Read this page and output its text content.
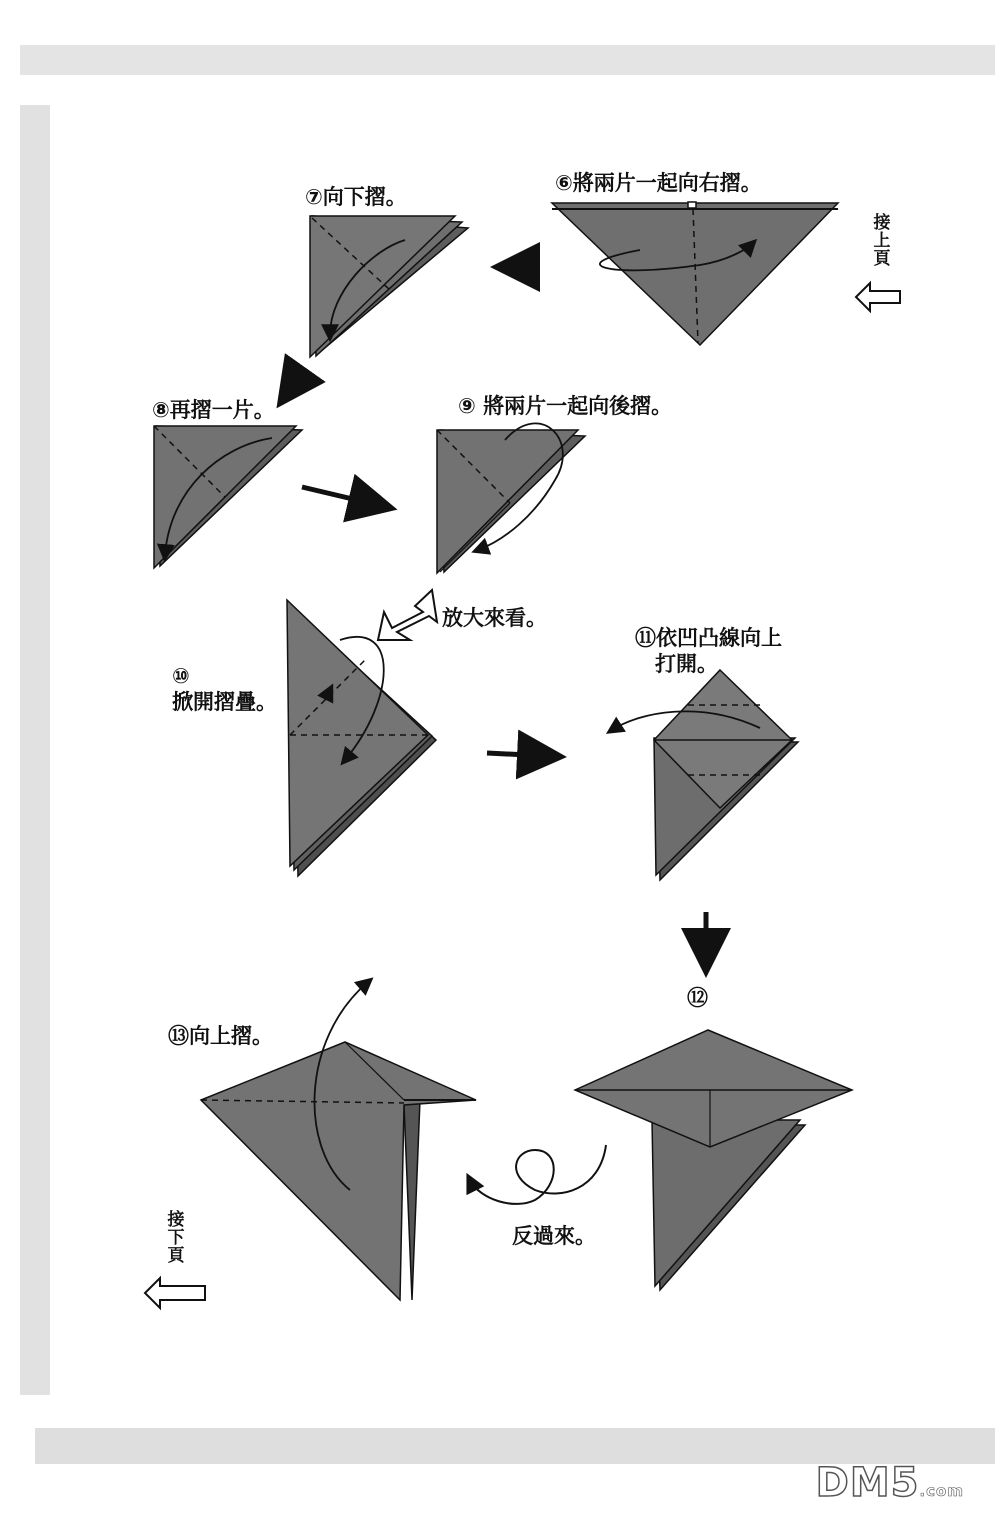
⑥將兩片一起向右摺。
⑦向下摺。
⑧再摺一片。	⑨ 將兩片一起向後摺。
放大來看。
⑩
掀開摺疊。
⑪依凹凸線向上
打開。
⑫
⑬向上摺。
反過來。
接
上
頁
接
下
頁
DM5.com
